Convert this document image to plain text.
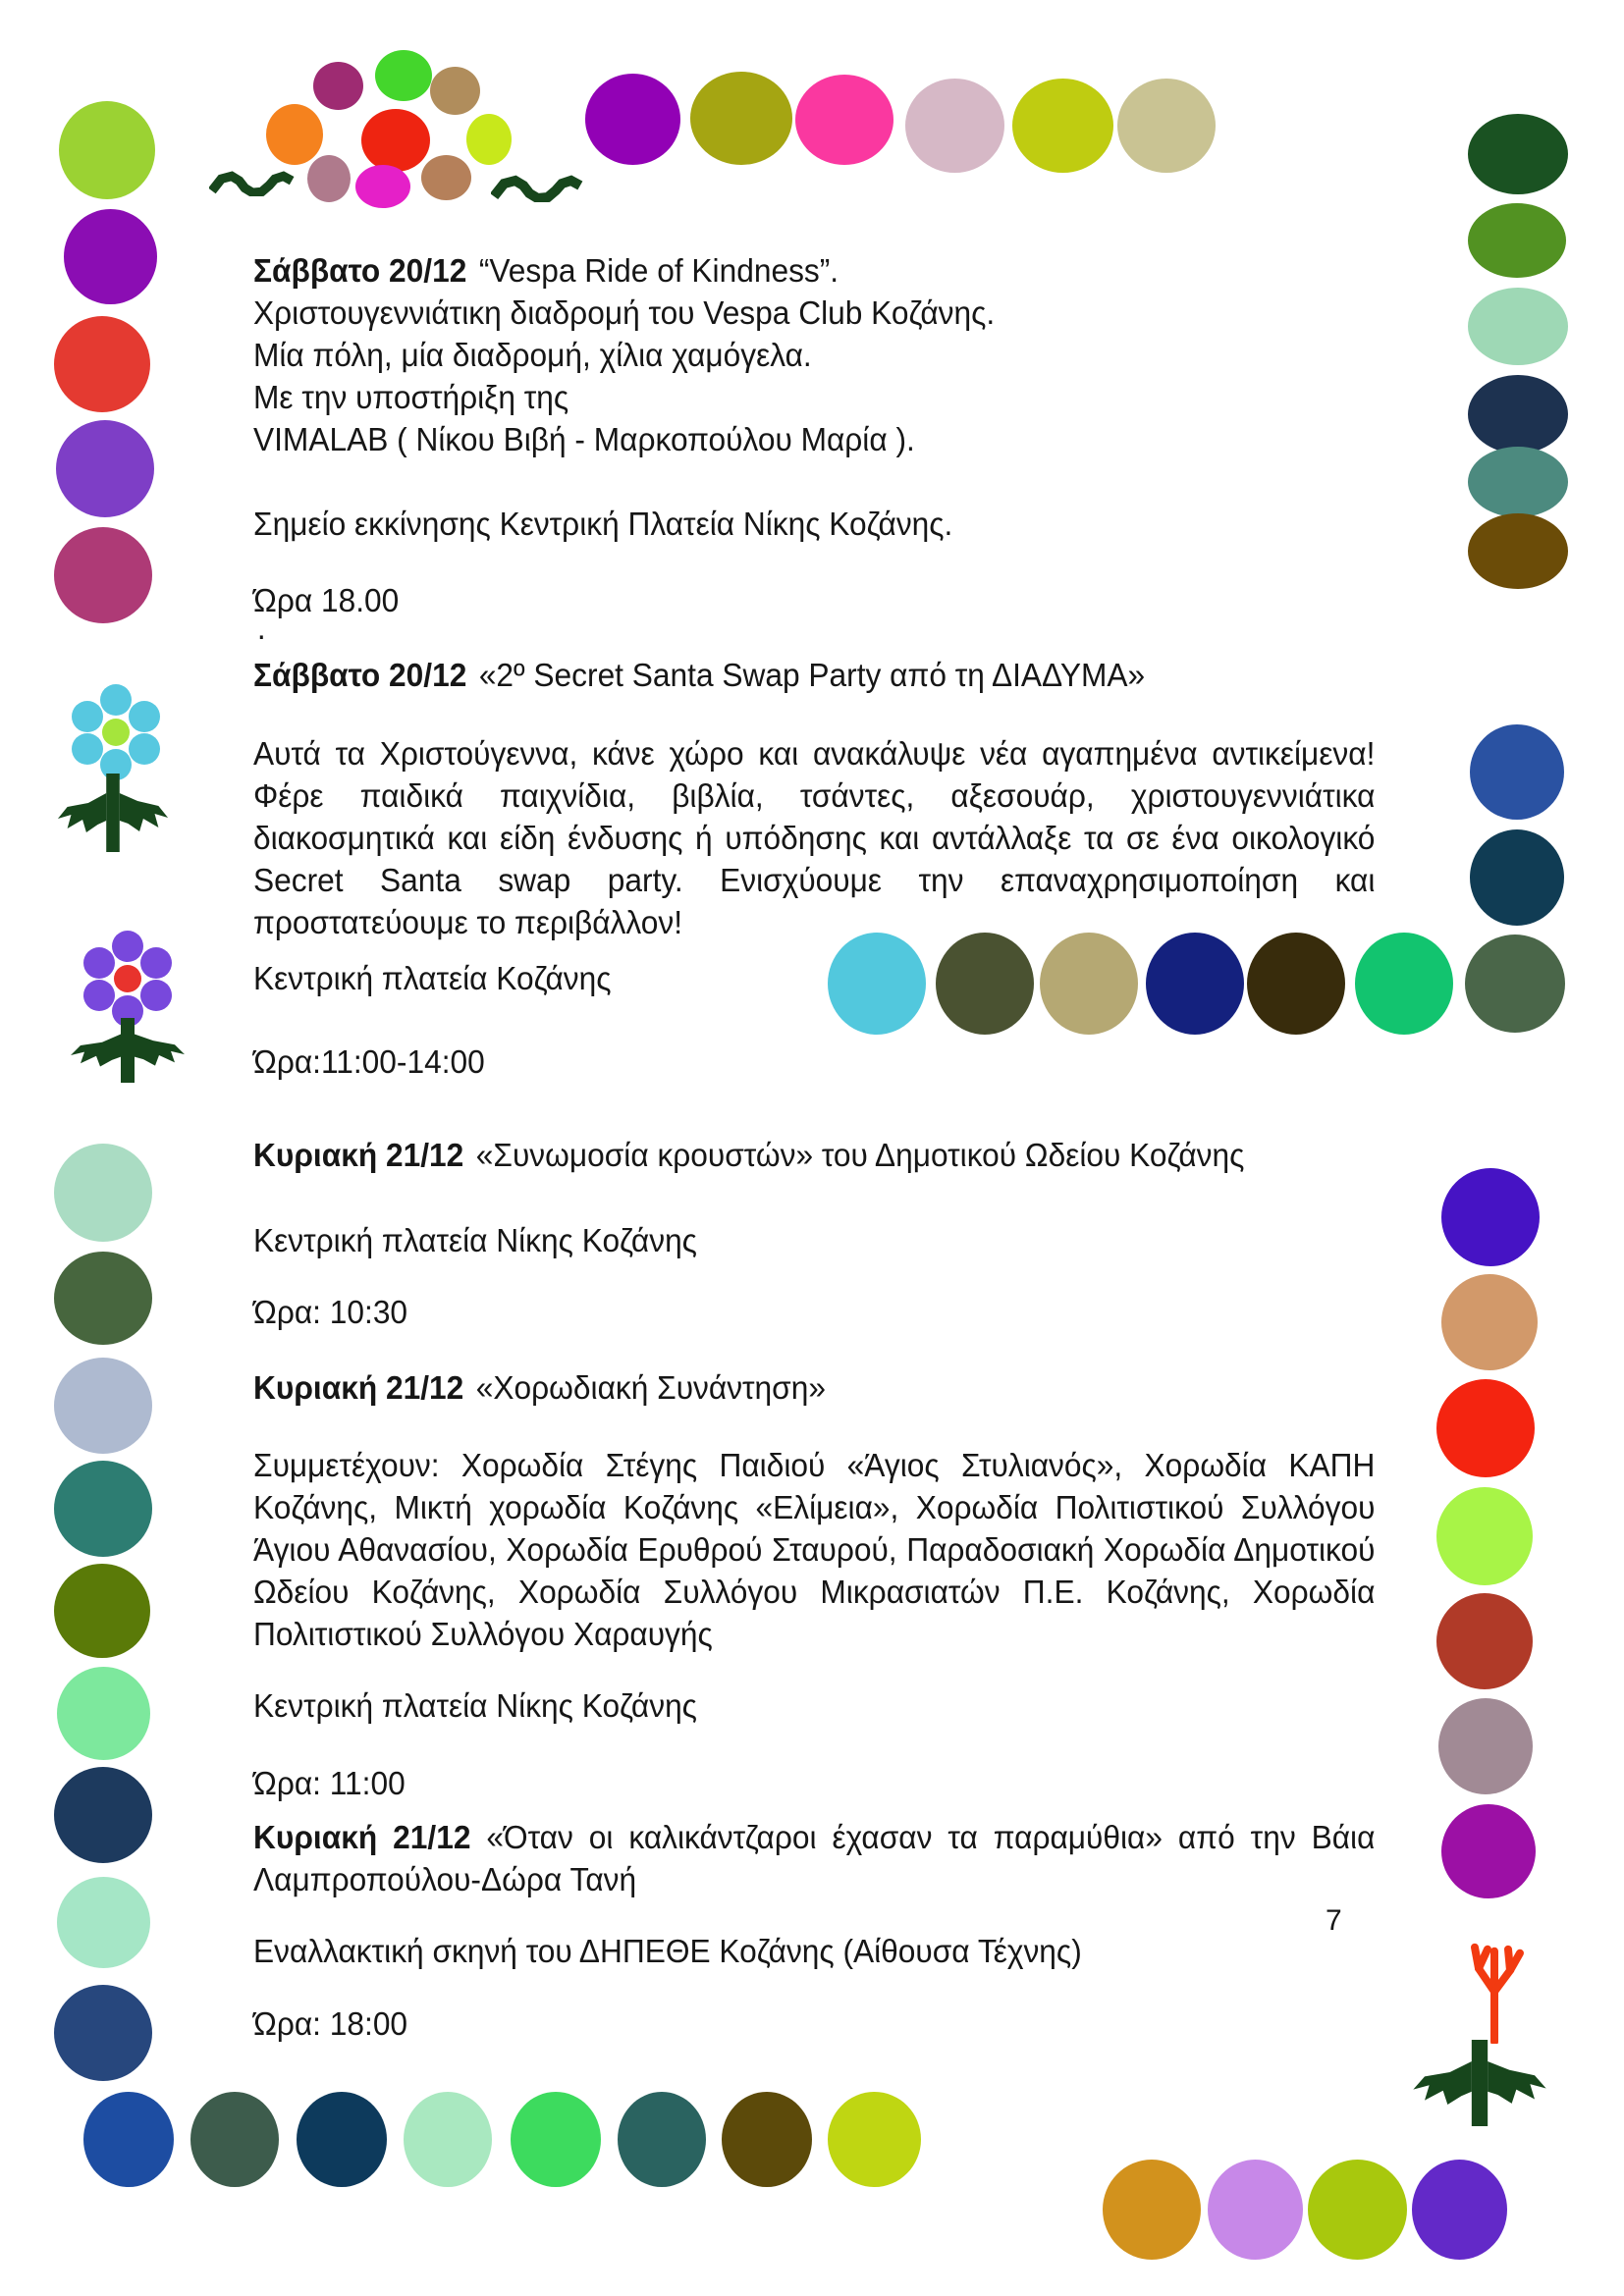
Σάββατο 20/12 “Vespa Ride of Kindness”.
Χριστουγεννιάτικη διαδρομή του Vespa Club Κοζάνης.
Μία πόλη, μία διαδρομή, χίλια χαμόγελα.
Με την υποστήριξη της
VIMALAB ( Νίκου Βιβή - Μαρκοπούλου Μαρία ).
Σημείο εκκίνησης Κεντρική Πλατεία Νίκης Κοζάνης.
Ώρα 18.00
.
Σάββατο 20/12 «2º Secret Santa Swap Party από τη ΔΙΑΔΥΜΑ»
Αυτά τα Χριστούγεννα, κάνε χώρο και ανακάλυψε νέα αγαπημένα αντικείμενα! Φέρε παιδικά παιχνίδια, βιβλία, τσάντες, αξεσουάρ, χριστουγεννιάτικα διακοσμητικά και είδη ένδυσης ή υπόδησης και αντάλλαξε τα σε ένα οικολογικό Secret Santa swap party. Ενισχύουμε την επαναχρησιμοποίηση και προστατεύουμε το περιβάλλον!
Κεντρική πλατεία Κοζάνης
Ώρα:11:00-14:00
Κυριακή 21/12 «Συνωμοσία κρουστών» του Δημοτικού Ωδείου Κοζάνης
Κεντρική πλατεία Νίκης Κοζάνης
Ώρα: 10:30
Κυριακή 21/12 «Χορωδιακή Συνάντηση»
Συμμετέχουν: Χορωδία Στέγης Παιδιού «Άγιος Στυλιανός», Χορωδία ΚΑΠΗ Κοζάνης, Μικτή χορωδία Κοζάνης «Ελίμεια», Χορωδία Πολιτιστικού Συλλόγου Άγιου Αθανασίου, Χορωδία Ερυθρού Σταυρού, Παραδοσιακή Χορωδία Δημοτικού Ωδείου Κοζάνης, Χορωδία Συλλόγου Μικρασιατών Π.Ε. Κοζάνης, Χορωδία Πολιτιστικού Συλλόγου Χαραυγής
Κεντρική πλατεία Νίκης Κοζάνης
Ώρα: 11:00
Κυριακή 21/12 «Όταν οι καλικάντζαροι έχασαν τα παραμύθια» από την Βάια Λαμπροπούλου-Δώρα Τανή
Εναλλακτική σκηνή του ΔΗΠΕΘΕ Κοζάνης (Αίθουσα Τέχνης)
Ώρα: 18:00
7
